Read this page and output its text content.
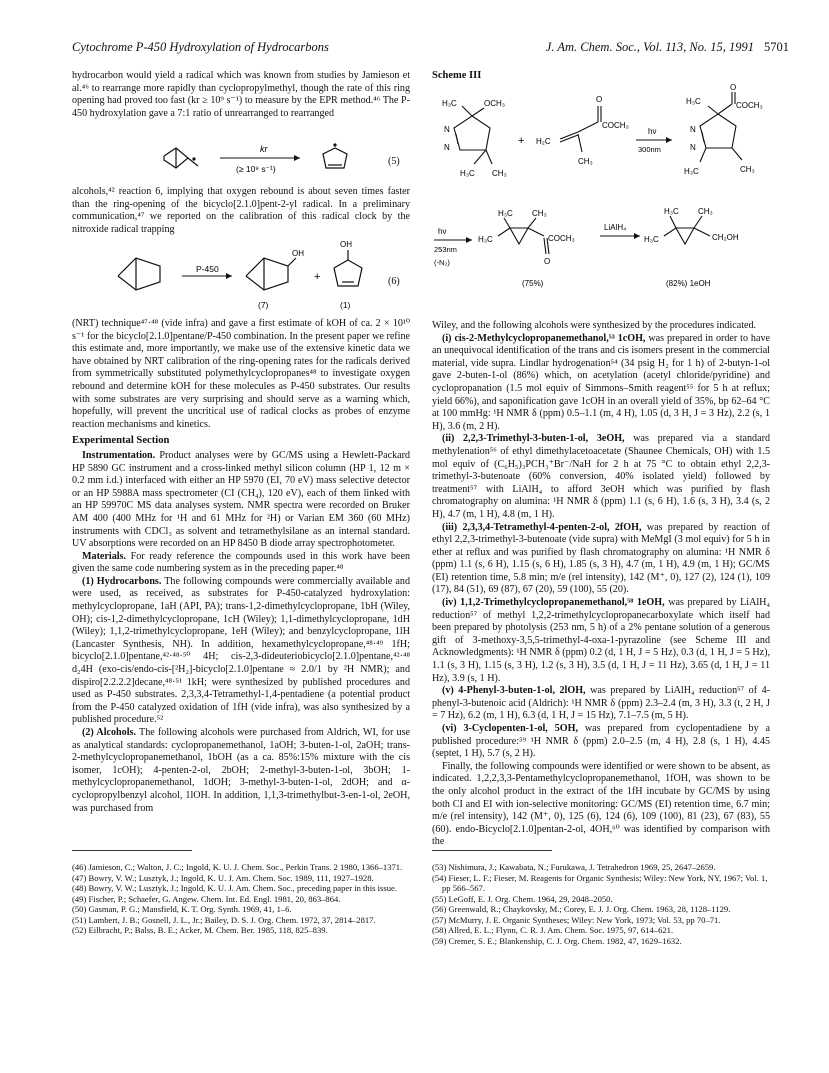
Cytochrome P-450 Hydroxylation of Hydrocarbons	J. Am. Chem. Soc., Vol. 113, No. 15, 1991 5701

hydrocarbon would yield a radical which was known from studies by Jamieson et al.⁴⁶ to rearrange more rapidly than cyclopropylmethyl, though the rate of this ring opening had proved too fast (kr ≥ 10⁹ s⁻¹) to measure by the EPR method.⁴⁶ The P-450 hydroxylation gave a 7:1 ratio of unrearranged to rearranged

kr
(≥ 10⁹ s⁻¹)
(5)

alcohols,⁴² reaction 6, implying that oxygen rebound is about seven times faster than the ring-opening of the bicyclo[2.1.0]pent-2-yl radical. In a preliminary communication,⁴⁷ we reported on the calibration of this radical clock by the nitroxide radical trapping

P-450
OH
(7)
+
OH
(1)
(6)

(NRT) technique⁴⁷·⁴⁸ (vide infra) and gave a first estimate of kOH of ca. 2 × 10¹⁰ s⁻¹ for the bicyclo[2.1.0]pentane/P-450 combination. In the present paper we refine this estimate and, more importantly, we make use of the extensive kinetic data we have obtained by NRT calibration of the ring-opening rates for the radicals derived from symmetrically substituted polymethylcyclopropanes⁴⁸ to investigate oxygen rebound and determine kOH for these molecules as P-450 substrates. Our results with some substrates are very surprising and should serve as a warning which, hopefully, will prevent the uncritical use of radical clocks as probes of enzyme reaction mechanisms and kinetics.

Experimental Section

Instrumentation. Product analyses were by GC/MS using a Hewlett-Packard HP 5890 GC instrument and a cross-linked methyl silicon column (HP 1, 12 m × 0.2 mm i.d.) interfaced with either an HP 5970 (EI, 70 eV) mass selective detector or an HP 5988A mass spectrometer (CI (CH₄), 120 eV), each of them linked with an HP 59970C MS data analyses system. NMR spectra were recorded on Bruker AM 400 (400 MHz for ¹H and 61 MHz for ²H) or Varian EM 360 (60 MHz) instruments with CDCl₃ as solvent and tetramethylsilane as an internal standard. UV absorptions were recorded on an HP 8450 B diode array spectrophotometer.

Materials. For ready reference the compounds used in this work have been given the same code numbering system as in the preceding paper.⁴⁸

(1) Hydrocarbons. The following compounds were commercially available and were used, as received, as substrates for P-450-catalyzed hydroxylation: methylcyclopropane, 1aH (API, PA); trans-1,2-dimethylcyclopropane, 1bH (Wiley, OH); cis-1,2-dimethylcyclopropane, 1cH (Wiley); 1,1-dimethylcyclopropane, 1dH (Wiley); 1,1,2-trimethylcyclopropane, 1eH (Wiley); and benzylcyclopropane, 1lH (Lancaster Synthesis, NH). In addition, hexamethylcyclopropane,⁴⁸·⁴⁹ 1fH; bicyclo[2.1.0]pentane,⁴²·⁴⁸·⁵⁰ 4H; cis-2,3-dideuteriobicyclo[2.1.0]pentane,⁴²·⁴⁸ d₂4H (exo-cis/endo-cis-[²H₂]-bicyclo[2.1.0]pentane ≈ 2.0/1 by ²H NMR); and dispiro[2.2.2.2]decane,⁴⁸·⁵¹ 1kH; were synthesized by published procedures and used as P-450 substrates. 2,3,3,4-Tetramethyl-1,4-pentadiene (a potential product from the P-450 catalyzed oxidation of 1fH (vide infra), was also synthesized by a published procedure.⁵²

(2) Alcohols. The following alcohols were purchased from Aldrich, WI, for use as analytical standards: cyclopropanemethanol, 1aOH; 3-buten-1-ol, 2aOH; trans-2-methylcyclopropanemethanol, 1bOH (as a ca. 85%:15% mixture with the cis isomer, 1cOH); 4-penten-2-ol, 2bOH; 2-methyl-3-buten-1-ol, 3bOH; 1-methylcyclopropanemethanol, 1dOH; 3-methyl-3-buten-1-ol, 2dOH; and α-cyclopropylbenzyl alcohol, 1lOH. In addition, 1,1,3-trimethylbut-3-en-1-ol, 2eOH, was purchased from

Scheme III
H₃C	OCH₃
N
N
H₃C CH₃
+
O
H₂C
COCH₃
CH₃
hν
300nm
H₃C
O
COCH₃
N
N
H₃C	CH₃
hν
253nm
(-N₂)
H₃C CH₃
H₃C	COCH₃
O
(75%)
LiAlH₄
H₃C CH₃
H₃C	CH₂OH
(82%) 1eOH

Wiley, and the following alcohols were synthesized by the procedures indicated.

(i) cis-2-Methylcyclopropanemethanol,⁵³ 1cOH, was prepared in order to have an unequivocal identification of the trans and cis isomers present in the commercial material, vide supra. Lindlar hydrogenation⁵⁴ (34 psig H₂ for 1 h) of 2-butyn-1-ol gave 2-buten-1-ol (86%) which, on acetylation (acetyl chloride/pyridine) and cyclopropanation (1.5 mol equiv of Simmons–Smith reagent⁵⁵ for 5 h at reflux; yield 66%), and saponification gave 1cOH in an overall yield of 35%, bp 62–64 °C at 100 mmHg: ¹H NMR δ (ppm) 0.5–1.1 (m, 4 H), 1.05 (d, 3 H, J = 3 Hz), 2.2 (s, 1 H), 3.6 (m, 2 H).

(ii) 2,2,3-Trimethyl-3-buten-1-ol, 3eOH, was prepared via a standard methylenation⁵⁶ of ethyl dimethylacetoacetate (Shaunee Chemicals, OH) with 1.5 mol equiv of (C₆H₅)₃PCH₃⁺Br⁻/NaH for 2 h at 75 °C to obtain ethyl 2,2,3-trimethyl-3-butenoate (60% conversion, 40% isolated yield) followed by treatment⁵⁷ with LiAlH₄ to afford 3eOH which was purified by flash chromatography on alumina: ¹H NMR δ (ppm) 1.1 (s, 6 H), 1.6 (s, 3 H), 3.4 (s, 2 H), 4.7 (m, 1 H), 4.8 (m, 1 H).

(iii) 2,3,3,4-Tetramethyl-4-penten-2-ol, 2fOH, was prepared by reaction of ethyl 2,2,3-trimethyl-3-butenoate (vide supra) with MeMgI (3 mol equiv) for 5 h in ether at reflux and was purified by flash chromatography on alumina: ¹H NMR δ (ppm) 1.1 (s, 6 H), 1.15 (s, 6 H), 1.85 (s, 3 H), 4.7 (m, 1 H), 4.9 (m, 1 H); GC/MS (EI) retention time, 5.8 min; m/e (rel intensity), 142 (M⁺, 0), 127 (2), 124 (1), 109 (17), 84 (51), 69 (87), 67 (20), 59 (100), 55 (20).

(iv) 1,1,2-Trimethylcyclopropanemethanol,⁵⁸ 1eOH, was prepared by LiAlH₄ reduction⁵⁷ of methyl 1,2,2-trimethylcyclopropanecarboxylate which itself had been prepared by photolysis (253 nm, 5 h) of a 2% pentane solution of a generous gift of 3-methoxy-3,5,5-trimethyl-4-oxa-1-pyrazoline (see Scheme III and Acknowledgments): ¹H NMR δ (ppm) 0.2 (d, 1 H, J = 5 Hz), 0.3 (d, 1 H, J = 5 Hz), 1.1 (s, 3 H), 1.15 (s, 3 H), 1.2 (s, 3 H), 3.5 (d, 1 H, J = 11 Hz), 3.65 (d, 1 H, J = 11 Hz), 3.9 (s, 1 H).

(v) 4-Phenyl-3-buten-1-ol, 2lOH, was prepared by LiAlH₄ reduction⁵⁷ of 4-phenyl-3-butenoic acid (Aldrich): ¹H NMR δ (ppm) 2.3–2.4 (m, 3 H), 3.3 (t, 2 H, J = 7 Hz), 6.2 (m, 1 H), 6.3 (d, 1 H, J = 15 Hz), 7.1–7.5 (m, 5 H).

(vi) 3-Cyclopenten-1-ol, 5OH, was prepared from cyclopentadiene by a published procedure:⁵⁹ ¹H NMR δ (ppm) 2.0–2.5 (m, 4 H), 2.8 (s, 1 H), 4.45 (septet, 1 H), 5.7 (s, 2 H).

Finally, the following compounds were identified or were shown to be absent, as indicated. 1,2,2,3,3-Pentamethylcyclopropanemethanol, 1fOH, was shown to be the only alcohol product in the extract of the 1fH incubate by GC/MS by using both CI and EI with ion-selective monitoring: GC/MS (EI) retention time, 6.7 min; m/e (rel intensity), 142 (M⁺, 0), 125 (6), 124 (6), 109 (100), 81 (23), 67 (83), 55 (60). endo-Bicyclo[2.1.0]pentan-2-ol, 4OH,⁶⁰ was identified by comparison with the

(46) Jamieson, C.; Walton, J. C.; Ingold, K. U. J. Chem. Soc., Perkin Trans. 2 1980, 1366–1371.

(47) Bowry, V. W.; Lusztyk, J.; Ingold, K. U. J. Am. Chem. Soc. 1989, 111, 1927–1928.

(48) Bowry, V. W.; Lusztyk, J.; Ingold, K. U. J. Am. Chem. Soc., preceding paper in this issue.

(49) Fischer, P.; Schaefer, G. Angew. Chem. Int. Ed. Engl. 1981, 20, 863–864.

(50) Gasman, P. G.; Mansfield, K. T. Org. Synth. 1969, 41, 1–6.

(51) Lambert, J. B.; Gosnell, J. L., Jr.; Bailey, D. S. J. Org. Chem. 1972, 37, 2814–2817.

(52) Eilbracht, P.; Balss, B. E.; Acker, M. Chem. Ber. 1985, 118, 825–839.

(53) Nishimura, J.; Kawabata, N.; Furukawa, J. Tetrahedron 1969, 25, 2647–2659.

(54) Fieser, L. F.; Fieser, M. Reagents for Organic Synthesis; Wiley: New York, NY, 1967; Vol. 1, pp 566–567.

(55) LeGoff, E. J. Org. Chem. 1964, 29, 2048–2050.

(56) Greenwald, R.; Chaykovsky, M.; Corey, E. J. J. Org. Chem. 1963, 28, 1128–1129.

(57) McMurry, J. E. Organic Syntheses; Wiley: New York, 1973; Vol. 53, pp 70–71.

(58) Allred, E. L.; Flynn, C. R. J. Am. Chem. Soc. 1975, 97, 614–621.

(59) Cremer, S. E.; Blankenship, C. J. Org. Chem. 1982, 47, 1629–1632.
